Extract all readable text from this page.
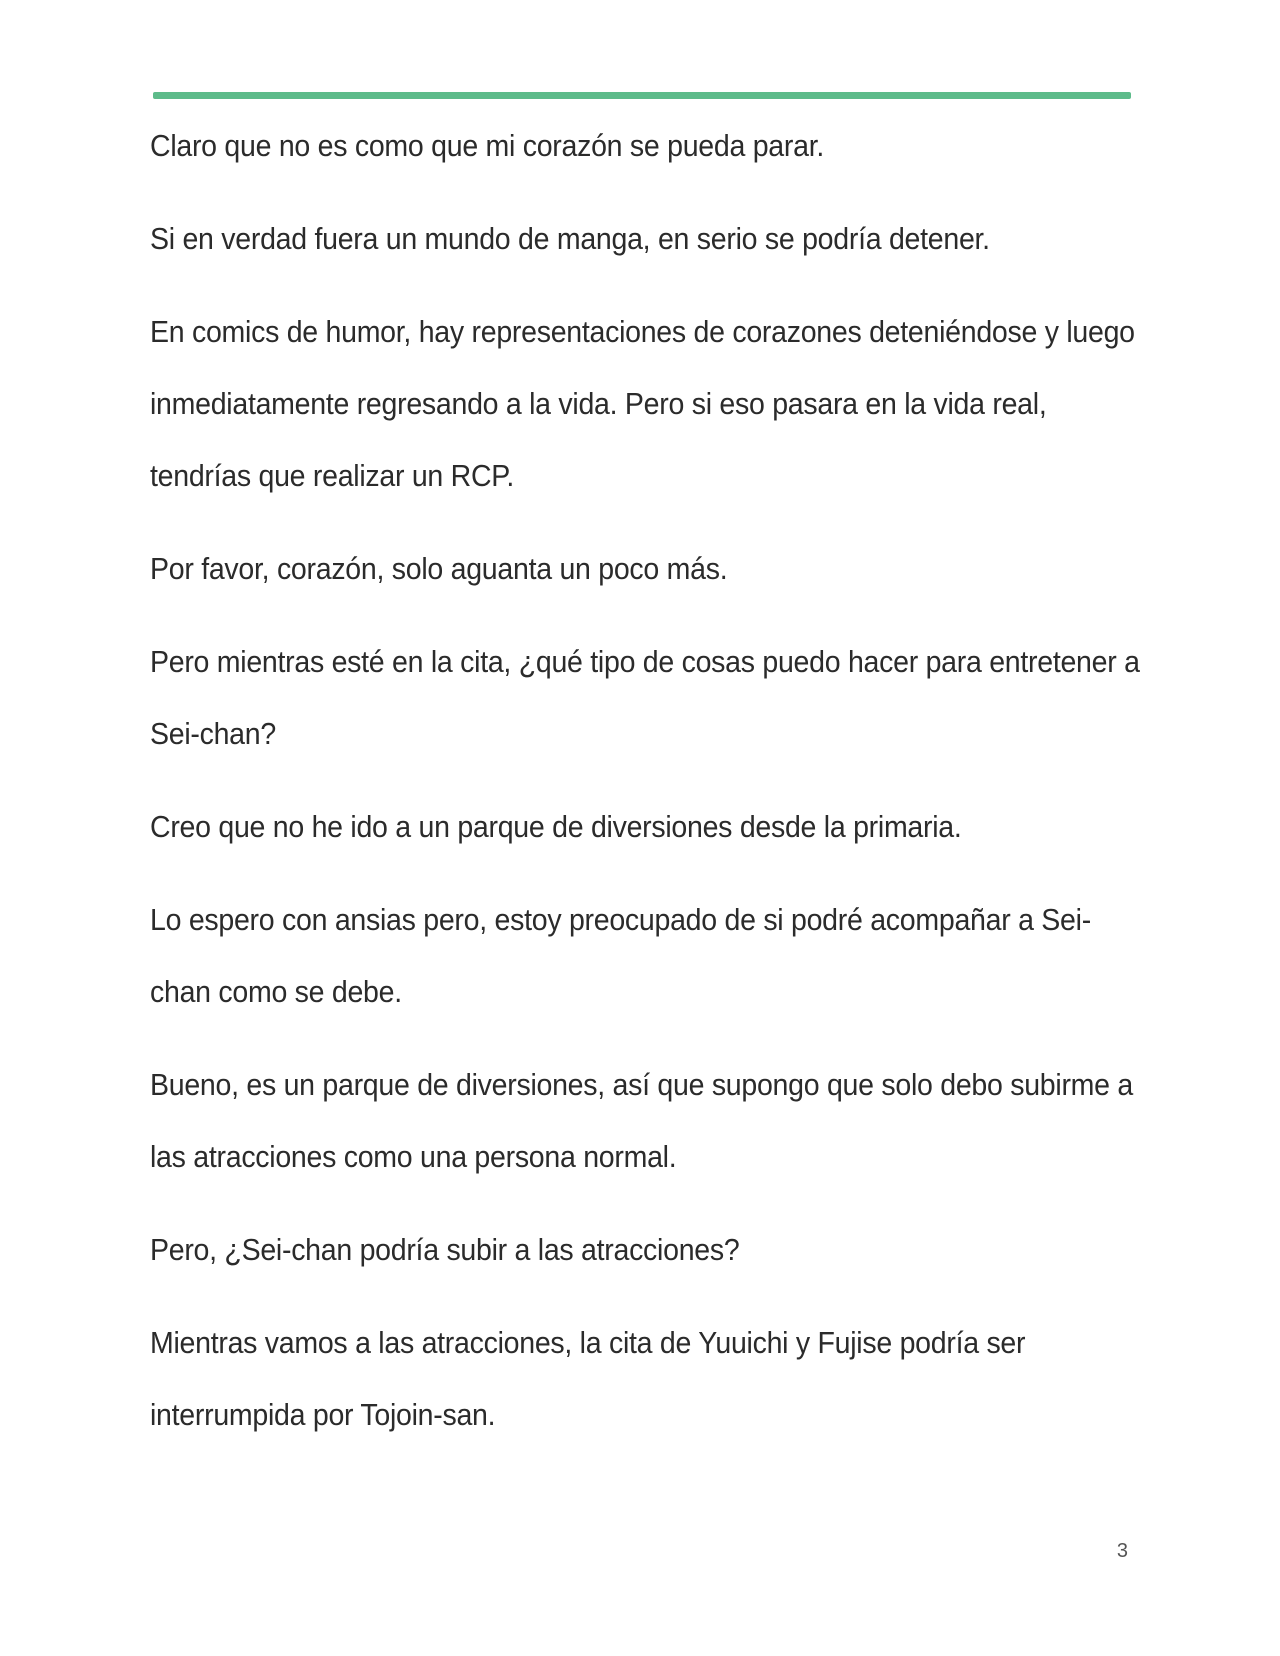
Claro que no es como que mi corazón se pueda parar.

Si en verdad fuera un mundo de manga, en serio se podría detener.

En comics de humor, hay representaciones de corazones deteniéndose y luego inmediatamente regresando a la vida. Pero si eso pasara en la vida real, tendrías que realizar un RCP.

Por favor, corazón, solo aguanta un poco más.

Pero mientras esté en la cita, ¿qué tipo de cosas puedo hacer para entretener a Sei-chan?

Creo que no he ido a un parque de diversiones desde la primaria.

Lo espero con ansias pero, estoy preocupado de si podré acompañar a Sei-chan como se debe.

Bueno, es un parque de diversiones, así que supongo que solo debo subirme a las atracciones como una persona normal.

Pero, ¿Sei-chan podría subir a las atracciones?

Mientras vamos a las atracciones, la cita de Yuuichi y Fujise podría ser interrumpida por Tojoin-san.

3
